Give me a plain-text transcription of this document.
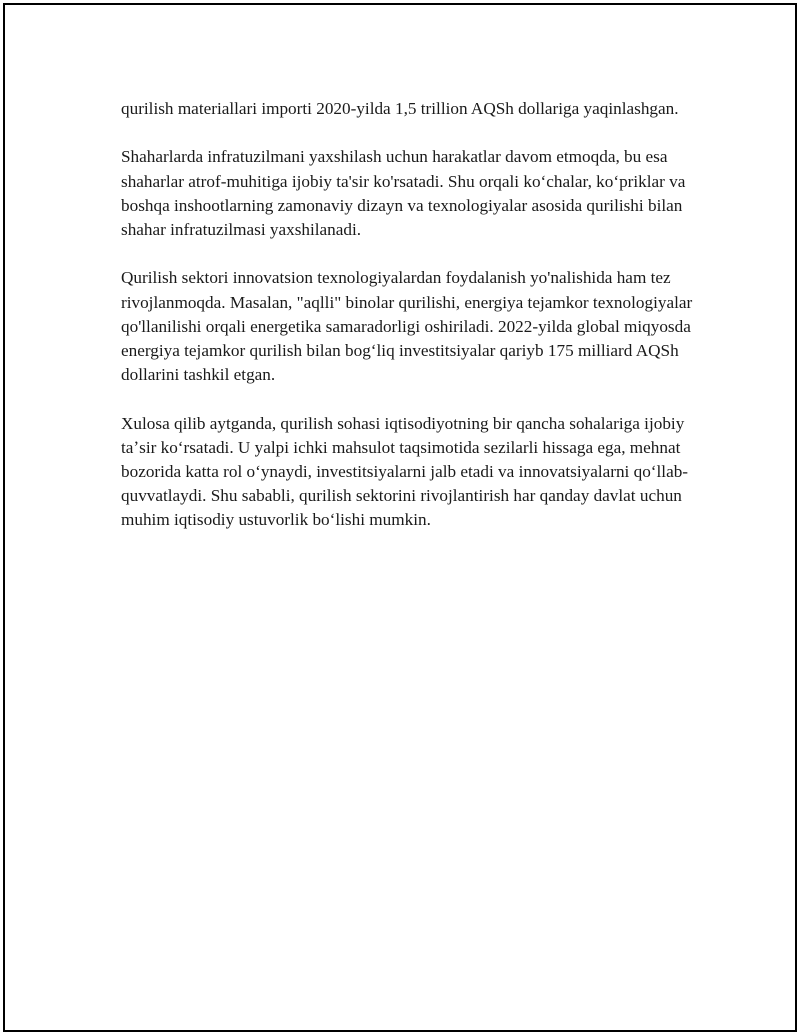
qurilish materiallari importi 2020-yilda 1,5 trillion AQSh dollariga yaqinlashgan.

Shaharlarda infratuzilmani yaxshilash uchun harakatlar davom etmoqda, bu esa shaharlar atrof-muhitiga ijobiy ta'sir ko'rsatadi. Shu orqali koʻchalar, koʻpriklar va boshqa inshootlarning zamonaviy dizayn va texnologiyalar asosida qurilishi bilan shahar infratuzilmasi yaxshilanadi.

Qurilish sektori innovatsion texnologiyalardan foydalanish yo'nalishida ham tez rivojlanmoqda. Masalan, "aqlli" binolar qurilishi, energiya tejamkor texnologiyalar qo'llanilishi orqali energetika samaradorligi oshiriladi. 2022-yilda global miqyosda energiya tejamkor qurilish bilan bogʻliq investitsiyalar qariyb 175 milliard AQSh dollarini tashkil etgan.

Xulosa qilib aytganda, qurilish sohasi iqtisodiyotning bir qancha sohalariga ijobiy taʼsir koʻrsatadi. U yalpi ichki mahsulot taqsimotida sezilarli hissaga ega, mehnat bozorida katta rol oʻynaydi, investitsiyalarni jalb etadi va innovatsiyalarni qoʻllab-quvvatlaydi. Shu sababli, qurilish sektorini rivojlantirish har qanday davlat uchun muhim iqtisodiy ustuvorlik boʻlishi mumkin.
